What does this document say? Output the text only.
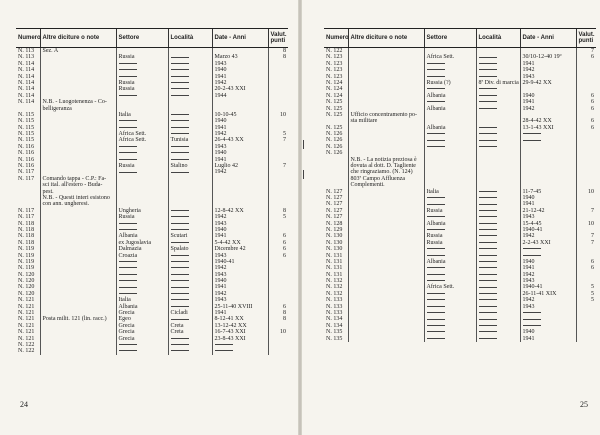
Numero	Altre diciture o note	Settore	Località	Date - Anni	Valut. punti
N. 113	Sez. A				8
N. 113		Russia		Marzo 43	8
N. 114				1943	
N. 114				1940	
N. 114				1941	
N. 114		Russia		1942	
N. 114		Russia		20-2-43 XXI	
N. 114				1944	
N. 114	N.B. - Luogotenenza - Co-				
	belligeranza				
N. 115		Italia		10-10-45	10
N. 115				1940	
N. 115				1941	
N. 115		Africa Sett.		1942	5
N. 115		Africa Sett.	Tunisia	26-4-43 XX	7
N. 116				1943	
N. 116				1940	
N. 116				1941	
N. 116		Russia	Stalino	Luglio 42	7
N. 117				1942	
N. 117	Comando tappa - C.P.: Fa-				
	sci ital. all'estero - Buda-				
	pest.				
	N.B. - Questi interi esistono				
	con ann. ungheresi.				
N. 117		Ungheria		12-8-42 XX	8
N. 117		Russia		1942	5
N. 118				1943	
N. 118				1940	
N. 118		Albania	Scutari	1941	6
N. 118		ex Jugoslavia		5-4-42 XX	6
N. 119		Dalmazia	Spalato	Dicembre 42	6
N. 119		Croazia		1943	6
N. 119				1940-41	
N. 119				1942	
N. 120				1943	
N. 120				1940	
N. 120				1941	
N. 120				1942	
N. 121		Italia		1943	
N. 121		Albania		25-11-40 XVIII	6
N. 121		Grecia	Cicladi	1941	8
N. 121	Posta milit. 121 (lin. racc.)	Egeo		8-12-41 XX	8
N. 121		Grecia	Creta	13-12-42 XX	
N. 121		Grecia	Creta	16-7-43 XXI	10
N. 121		Grecia		23-8-43 XXI	
N. 122					
N. 122					
24
Numero	Altre diciture o note	Settore	Località	Date - Anni	Valut. punti
N. 122					7
N. 123		Africa Sett.		30/10-12-40 19º	6
N. 123				1941	
N. 123				1942	
N. 123				1943	
N. 124		Russia (?)	8ª Div. di marcia	29-9-42 XX	
N. 124					
N. 124		Albania		1940	6
N. 125				1941	6
N. 125		Albania		1942	6
N. 125	Ufficio concentramento po-				
	sta militare			28-4-42 XX	6
N. 125		Albania		13-1-43 XXI	6
N. 126					
N. 126					
N. 126					
N. 126					
	N.B. - La notizia preziosa è				
	dovuta al dott. D. Tagliente				
	che ringraziamo. (N. 124)				
	803ª Campo Affluenza				
	Complementi.				
N. 127		Italia		11-7-45	10
N. 127				1940	
N. 127				1941	
N. 127		Russia		21-12-42	7
N. 127				1943	
N. 128		Albania		15-4-45	10
N. 129				1940-41	
N. 130		Russia		1942	7
N. 130		Russia		2-2-43 XXI	7
N. 130					
N. 131					
N. 131		Albania		1940	6
N. 131				1941	6
N. 131				1942	
N. 132				1943	
N. 132		Africa Sett.		1940-41	5
N. 132				26-11-41 XIX	5
N. 133				1942	5
N. 133				1943	
N. 133					
N. 134					
N. 134					
N. 135				1940	
N. 135				1941	
25
